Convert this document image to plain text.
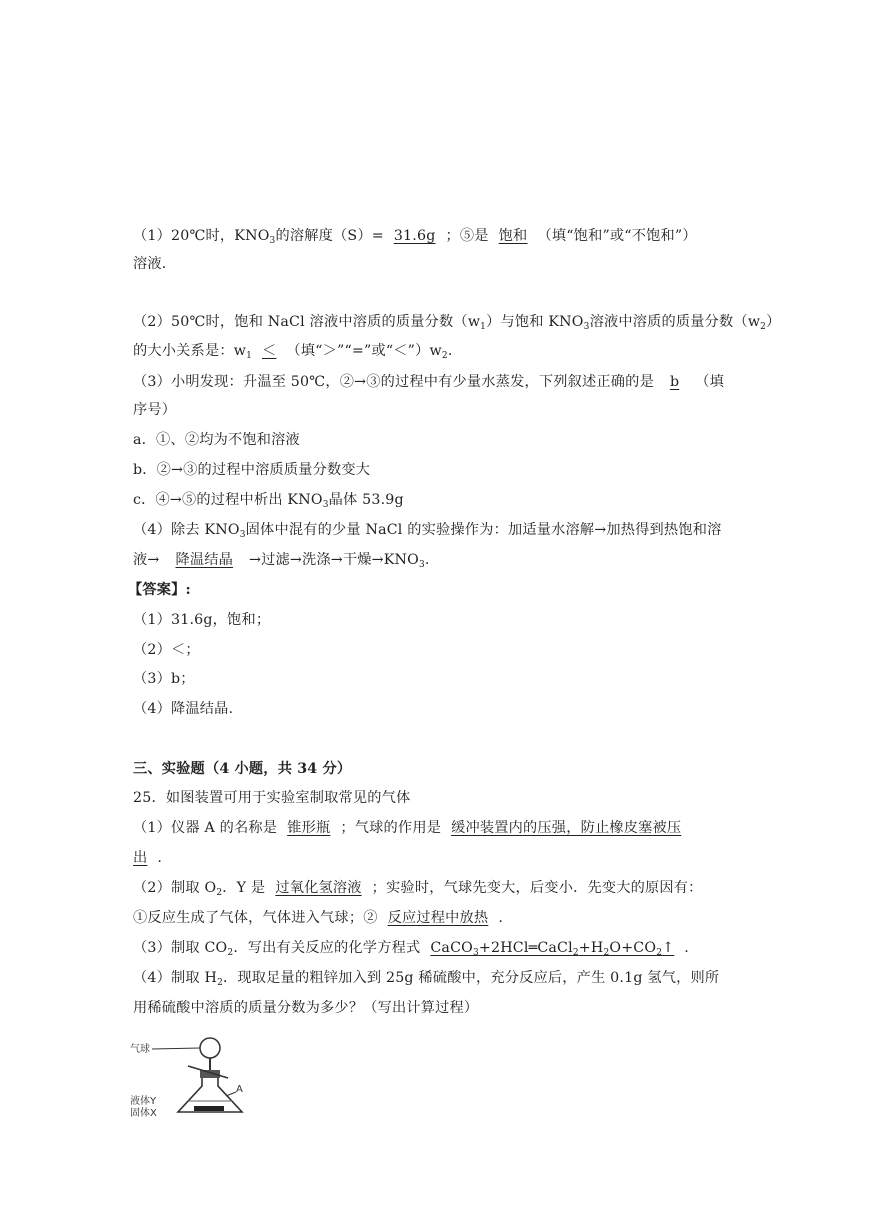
（1）20℃时，$KNO_3$的溶解度（S）= 31.6g ；⑤是 饱和 （填“饱和”或“不饱和”）
溶液.
（2）50℃时，饱和 NaCl 溶液中溶质的质量分数$(w_1)$与饱和 $KNO_3$溶液中溶质的质量分数$(w_2)$
的大小关系是：$w_1$ ＜ （填“＞”“=”或“$<”)w_2$.
（3）小明发现：升温至 50℃，②→③的过程中有少量水蒸发，下列叙述正确的是 b （填
序号）
a．①、②均为不饱和溶液
b．②→③的过程中溶质质量分数变大
c．④→⑤的过程中析出 $KNO_3$晶体 53.9g
（4）除去 $KNO_3$固体中混有的少量 NaCl 的实验操作为：加适量水溶解→加热得到热饱和溶
液→ 降温结晶 →过滤→洗涤→干燥$\to KNO_3$.
【答案】:
（1）31.6g，饱和；
（2）＜；
（3）b；
（4）降温结晶.
三、实验题（4 小题，共 34 分）
25．如图装置可用于实验室制取常见的气体
（1）仪器 A 的名称是 锥形瓶 ；气球的作用是 缓冲装置内的压强，防止橡皮塞被压
出 .
（2）制取 $O_2$．Y 是 过氧化氢溶液 ；实验时，气球先变大，后变小．先变大的原因有：
①反应生成了气体，气体进入气球；② 反应过程中放热 .
（3）制取 $CO_2$．写出有关反应的化学方程式 $CaCO_3+2HCl═CaCl_2+H_2O+CO_2↑$ .
（4）制取 $H_2$．现取足量的粗锌加入到 25g 稀硫酸中，充分反应后，产生 0.1g 氢气，则所
用稀硫酸中溶质的质量分数为多少？（写出计算过程）
气球
A
液体Y
固体X
